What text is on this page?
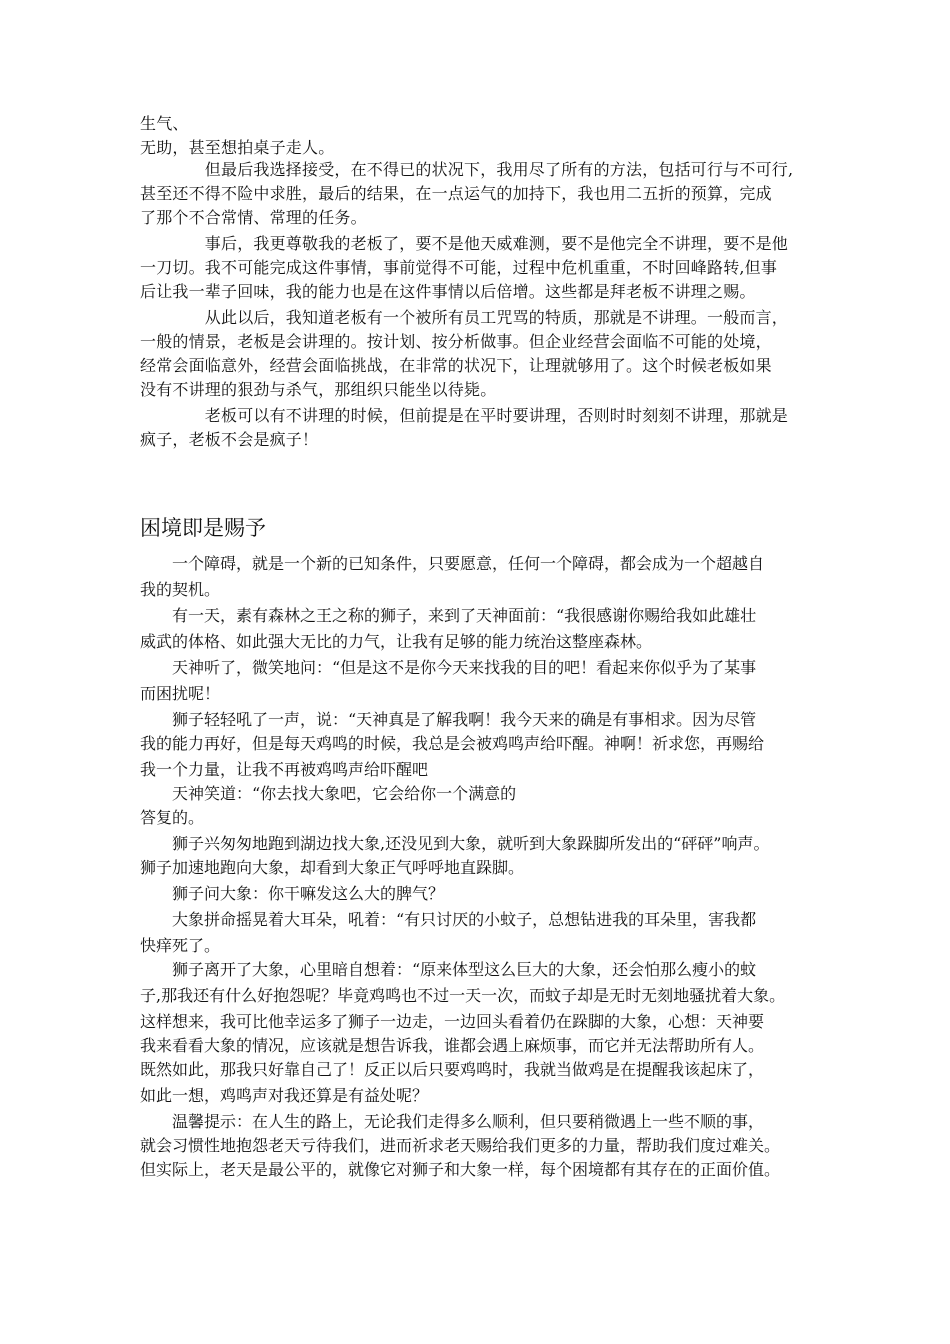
生气、
无助，甚至想拍桌子走人。
　　　　但最后我选择接受，在不得已的状况下，我用尽了所有的方法，包括可行与不可行,
甚至还不得不险中求胜，最后的结果，在一点运气的加持下，我也用二五折的预算，完成
了那个不合常情、常理的任务。
　　　　事后，我更尊敬我的老板了，要不是他天威难测，要不是他完全不讲理，要不是他
一刀切。我不可能完成这件事情，事前觉得不可能，过程中危机重重，不时回峰路转,但事
后让我一辈子回味，我的能力也是在这件事情以后倍增。这些都是拜老板不讲理之赐。
　　　　从此以后，我知道老板有一个被所有员工咒骂的特质，那就是不讲理。一般而言，
一般的情景，老板是会讲理的。按计划、按分析做事。但企业经营会面临不可能的处境，
经常会面临意外，经营会面临挑战，在非常的状况下，让理就够用了。这个时候老板如果
没有不讲理的狠劲与杀气，那组织只能坐以待毙。
　　　　老板可以有不讲理的时候，但前提是在平时要讲理，否则时时刻刻不讲理，那就是
疯子，老板不会是疯子！
困境即是赐予
　　一个障碍，就是一个新的已知条件，只要愿意，任何一个障碍，都会成为一个超越自
我的契机。
　　有一天，素有森林之王之称的狮子，来到了天神面前：“我很感谢你赐给我如此雄壮
威武的体格、如此强大无比的力气，让我有足够的能力统治这整座森林。
　　天神听了，微笑地问：“但是这不是你今天来找我的目的吧！看起来你似乎为了某事
而困扰呢！
　　狮子轻轻吼了一声，说：“天神真是了解我啊！我今天来的确是有事相求。因为尽管
我的能力再好，但是每天鸡鸣的时候，我总是会被鸡鸣声给吓醒。神啊！祈求您，再赐给
我一个力量，让我不再被鸡鸣声给吓醒吧
　　天神笑道：“你去找大象吧，它会给你一个满意的
答复的。
　　狮子兴匆匆地跑到湖边找大象,还没见到大象，就听到大象跺脚所发出的“砰砰”响声。
狮子加速地跑向大象，却看到大象正气呼呼地直跺脚。
　　狮子问大象：你干嘛发这么大的脾气？
　　大象拼命摇晃着大耳朵，吼着：“有只讨厌的小蚊子，总想钻进我的耳朵里，害我都
快痒死了。
　　狮子离开了大象，心里暗自想着：“原来体型这么巨大的大象，还会怕那么瘦小的蚊
子,那我还有什么好抱怨呢？毕竟鸡鸣也不过一天一次，而蚊子却是无时无刻地骚扰着大象。
这样想来，我可比他幸运多了狮子一边走，一边回头看着仍在跺脚的大象，心想：天神要
我来看看大象的情况，应该就是想告诉我，谁都会遇上麻烦事，而它并无法帮助所有人。
既然如此，那我只好靠自己了！反正以后只要鸡鸣时，我就当做鸡是在提醒我该起床了，
如此一想，鸡鸣声对我还算是有益处呢？
　　温馨提示：在人生的路上，无论我们走得多么顺利，但只要稍微遇上一些不顺的事，
就会习惯性地抱怨老天亏待我们，进而祈求老天赐给我们更多的力量，帮助我们度过难关。
但实际上，老天是最公平的，就像它对狮子和大象一样，每个困境都有其存在的正面价值。
